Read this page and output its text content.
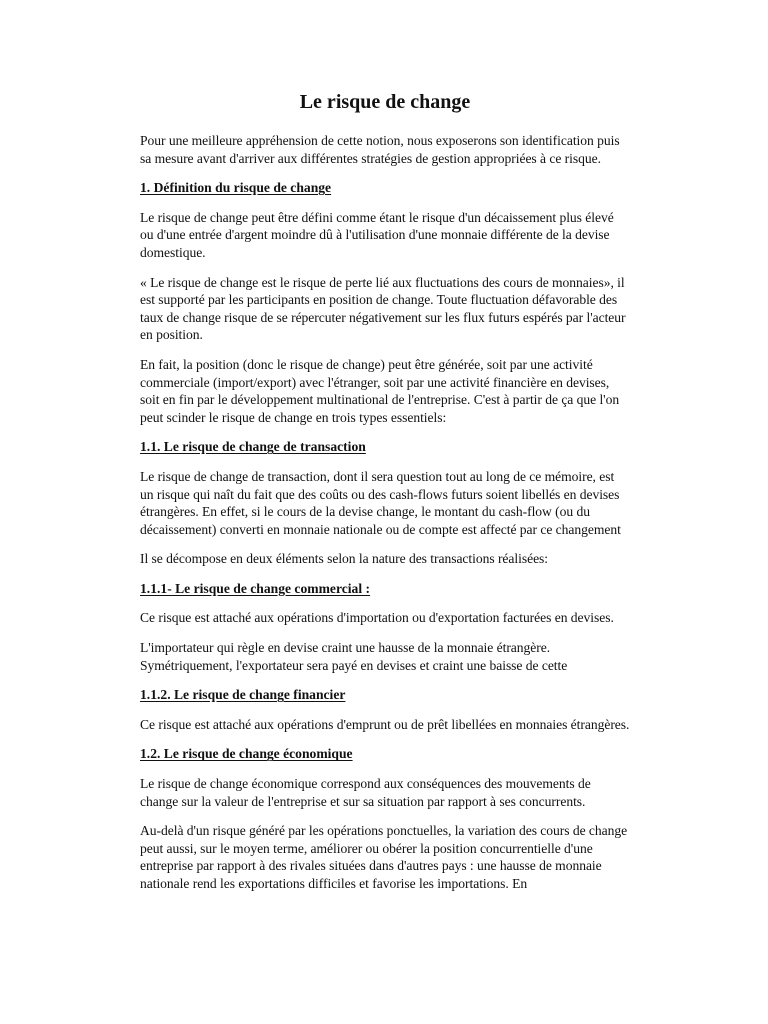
Le risque de change

Pour une meilleure appréhension de cette notion, nous exposerons son identification puis sa mesure avant d'arriver aux différentes stratégies de gestion appropriées à ce risque.

1. Définition du risque de change

Le risque de change peut être défini comme étant le risque d'un décaissement plus élevé ou d'une entrée d'argent moindre dû à l'utilisation d'une monnaie différente de la devise domestique.

« Le risque de change est le risque de perte lié aux fluctuations des cours de monnaies», il est supporté par les participants en position de change. Toute fluctuation défavorable des taux de change risque de se répercuter négativement sur les flux futurs espérés par l'acteur en position.

En fait, la position (donc le risque de change) peut être générée, soit par une activité commerciale (import/export) avec l'étranger, soit par une activité financière en devises, soit en fin par le développement multinational de l'entreprise. C'est à partir de ça que l'on peut scinder le risque de change en trois types essentiels:

1.1. Le risque de change de transaction

Le risque de change de transaction, dont il sera question tout au long de ce mémoire, est un risque qui naît du fait que des coûts ou des cash-flows futurs soient libellés en devises étrangères. En effet, si le cours de la devise change, le montant du cash-flow (ou du décaissement) converti en monnaie nationale ou de compte est affecté par ce changement

Il se décompose en deux éléments selon la nature des transactions réalisées:

1.1.1- Le risque de change commercial :

Ce risque est attaché aux opérations d'importation ou d'exportation facturées en devises.

L'importateur qui règle en devise craint une hausse de la monnaie étrangère. Symétriquement, l'exportateur sera payé en devises et craint une baisse de cette

1.1.2. Le risque de change financier

Ce risque est attaché aux opérations d'emprunt ou de prêt libellées en monnaies étrangères.

1.2. Le risque de change économique

Le risque de change économique correspond aux conséquences des mouvements de change sur la valeur de l'entreprise et sur sa situation par rapport à ses concurrents.

Au-delà d'un risque généré par les opérations ponctuelles, la variation des cours de change peut aussi, sur le moyen terme, améliorer ou obérer la position concurrentielle d'une entreprise par rapport à des rivales situées dans d'autres pays : une hausse de monnaie nationale rend les exportations difficiles et favorise les importations. En
